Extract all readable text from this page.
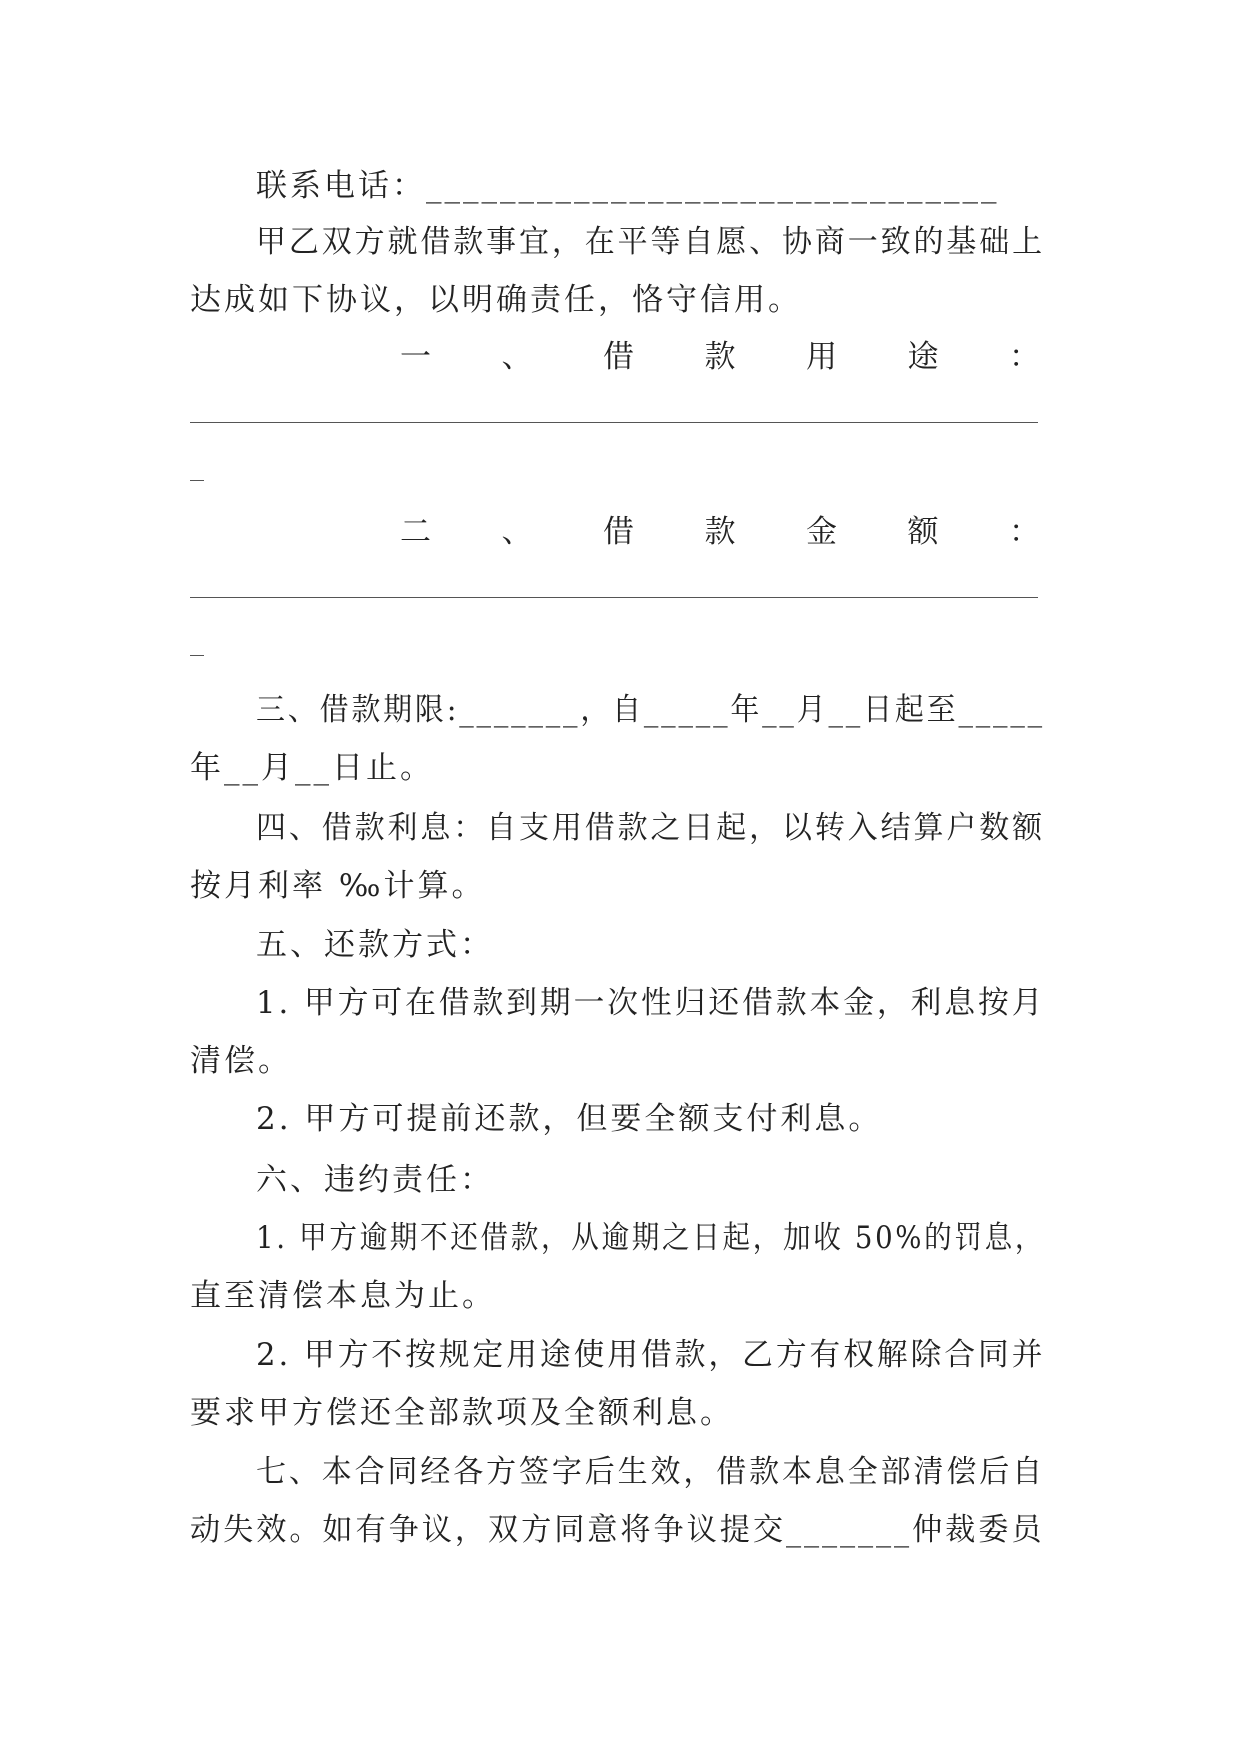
联系电话：_______________________________
甲乙双方就借款事宜，在平等自愿、协商一致的基础上
达成如下协议，以明确责任，恪守信用。
一 、 借 款 用 途 ：
二 、 借 款 金 额 ：
三、借款期限:_______，自_____年__月__日起至_____
年__月__日止。
四、借款利息：自支用借款之日起，以转入结算户数额
按月利率 ‰计算。
五、还款方式：
1. 甲方可在借款到期一次性归还借款本金，利息按月
清偿。
2. 甲方可提前还款，但要全额支付利息。
六、违约责任：
1. 甲方逾期不还借款，从逾期之日起，加收 50%的罚息，
直至清偿本息为止。
2. 甲方不按规定用途使用借款，乙方有权解除合同并
要求甲方偿还全部款项及全额利息。
七、本合同经各方签字后生效，借款本息全部清偿后自
动失效。如有争议，双方同意将争议提交_______仲裁委员
